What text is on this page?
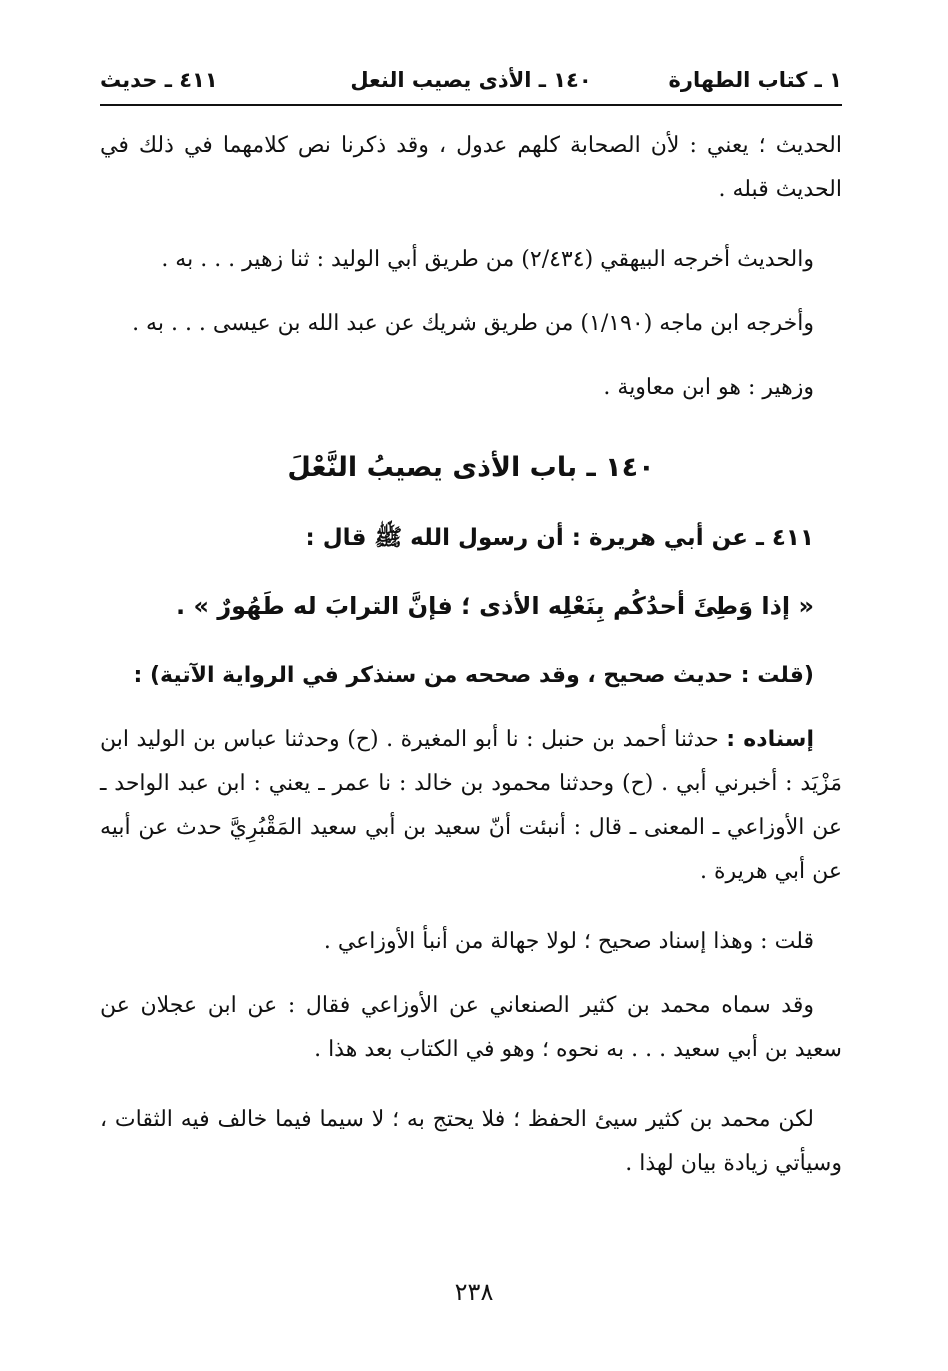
١ ـ كتاب الطهارة
١٤٠ ـ الأذى يصيب النعل
٤١١ ـ حديث

الحديث ؛ يعني : لأن الصحابة كلهم عدول ، وقد ذكرنا نص كلامهما في ذلك في الحديث قبله .

والحديث أخرجه البيهقي (٢/٤٣٤) من طريق أبي الوليد : ثنا زهير . . . به .

وأخرجه ابن ماجه (١/١٩٠) من طريق شريك عن عبد الله بن عيسى . . . به .

وزهير : هو ابن معاوية .

١٤٠ ـ باب الأذى يصيبُ النَّعْلَ

٤١١ ـ عن أبي هريرة : أن رسول الله ﷺ قال :

« إذا وَطِئَ أحدُكُم بِنَعْلِه الأذى ؛ فإنَّ الترابَ له طَهُورٌ » .

(قلت : حديث صحيح ، وقد صححه من سنذكر في الرواية الآتية) :

إسناده : حدثنا أحمد بن حنبل : نا أبو المغيرة . (ح) وحدثنا عباس بن الوليد ابن مَزْيَد : أخبرني أبي . (ح) وحدثنا محمود بن خالد : نا عمر ـ يعني : ابن عبد الواحد ـ عن الأوزاعي ـ المعنى ـ قال : أنبئت أنّ سعيد بن أبي سعيد المَقْبُرِيَّ حدث عن أبيه عن أبي هريرة .

قلت : وهذا إسناد صحيح ؛ لولا جهالة من أنبأ الأوزاعي .

وقد سماه محمد بن كثير الصنعاني عن الأوزاعي فقال : عن ابن عجلان عن سعيد بن أبي سعيد . . . به نحوه ؛ وهو في الكتاب بعد هذا .

لكن محمد بن كثير سيئ الحفظ ؛ فلا يحتج به ؛ لا سيما فيما خالف فيه الثقات ، وسيأتي زيادة بيان لهذا .

٢٣٨
